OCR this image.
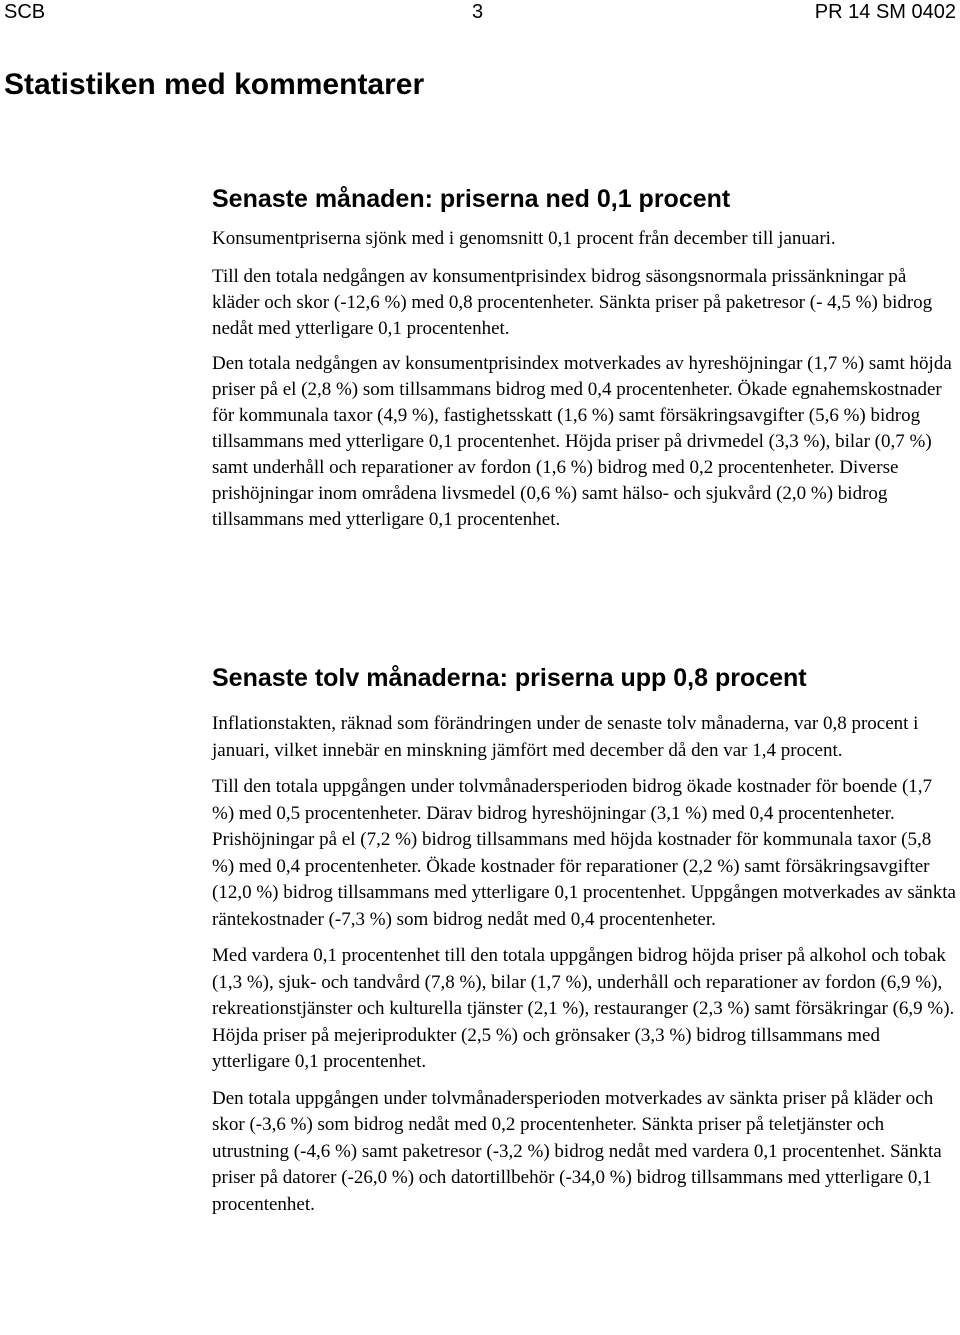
SCB	3	PR 14 SM 0402
Statistiken med kommentarer
Senaste månaden: priserna ned 0,1 procent

Konsumentpriserna sjönk med i genomsnitt 0,1 procent från december till januari.

Till den totala nedgången av konsumentprisindex bidrog säsongsnormala prissänkningar på kläder och skor (-12,6 %) med 0,8 procentenheter. Sänkta priser på paketresor (- 4,5 %) bidrog nedåt med ytterligare 0,1 procentenhet.

Den totala nedgången av konsumentprisindex motverkades av hyreshöjningar (1,7 %) samt höjda priser på el (2,8 %) som tillsammans bidrog med 0,4 procentenheter. Ökade egnahemskostnader för kommunala taxor (4,9 %), fastighetsskatt (1,6 %) samt försäkringsavgifter (5,6 %) bidrog tillsammans med ytterligare 0,1 procentenhet. Höjda priser på drivmedel (3,3 %), bilar (0,7 %) samt underhåll och reparationer av fordon (1,6 %) bidrog med 0,2 procentenheter. Diverse prishöjningar inom områdena livsmedel (0,6 %) samt hälso- och sjukvård (2,0 %) bidrog tillsammans med ytterligare 0,1 procentenhet.

Senaste tolv månaderna: priserna upp 0,8 procent

Inflationstakten, räknad som förändringen under de senaste tolv månaderna, var 0,8 procent i januari, vilket innebär en minskning jämfört med december då den var 1,4 procent.

Till den totala uppgången under tolvmånadersperioden bidrog ökade kostnader för boende (1,7 %) med 0,5 procentenheter. Därav bidrog hyreshöjningar (3,1 %) med 0,4 procentenheter. Prishöjningar på el (7,2 %) bidrog tillsammans med höjda kostnader för kommunala taxor (5,8 %) med 0,4 procentenheter. Ökade kostnader för reparationer (2,2 %) samt försäkringsavgifter (12,0 %) bidrog tillsammans med ytterligare 0,1 procentenhet. Uppgången motverkades av sänkta räntekostnader (-7,3 %) som bidrog nedåt med 0,4 procentenheter.

Med vardera 0,1 procentenhet till den totala uppgången bidrog höjda priser på alkohol och tobak (1,3 %), sjuk- och tandvård (7,8 %), bilar (1,7 %), underhåll och reparationer av fordon (6,9 %), rekreationstjänster och kulturella tjänster (2,1 %), restauranger (2,3 %) samt försäkringar (6,9 %). Höjda priser på mejeriprodukter (2,5 %) och grönsaker (3,3 %) bidrog tillsammans med ytterligare 0,1 procentenhet.

Den totala uppgången under tolvmånadersperioden motverkades av sänkta priser på kläder och skor (-3,6 %) som bidrog nedåt med 0,2 procentenheter. Sänkta priser på teletjänster och utrustning (-4,6 %) samt paketresor (-3,2 %) bidrog nedåt med vardera 0,1 procentenhet. Sänkta priser på datorer (-26,0 %) och datortillbehör (-34,0 %) bidrog tillsammans med ytterligare 0,1 procentenhet.
